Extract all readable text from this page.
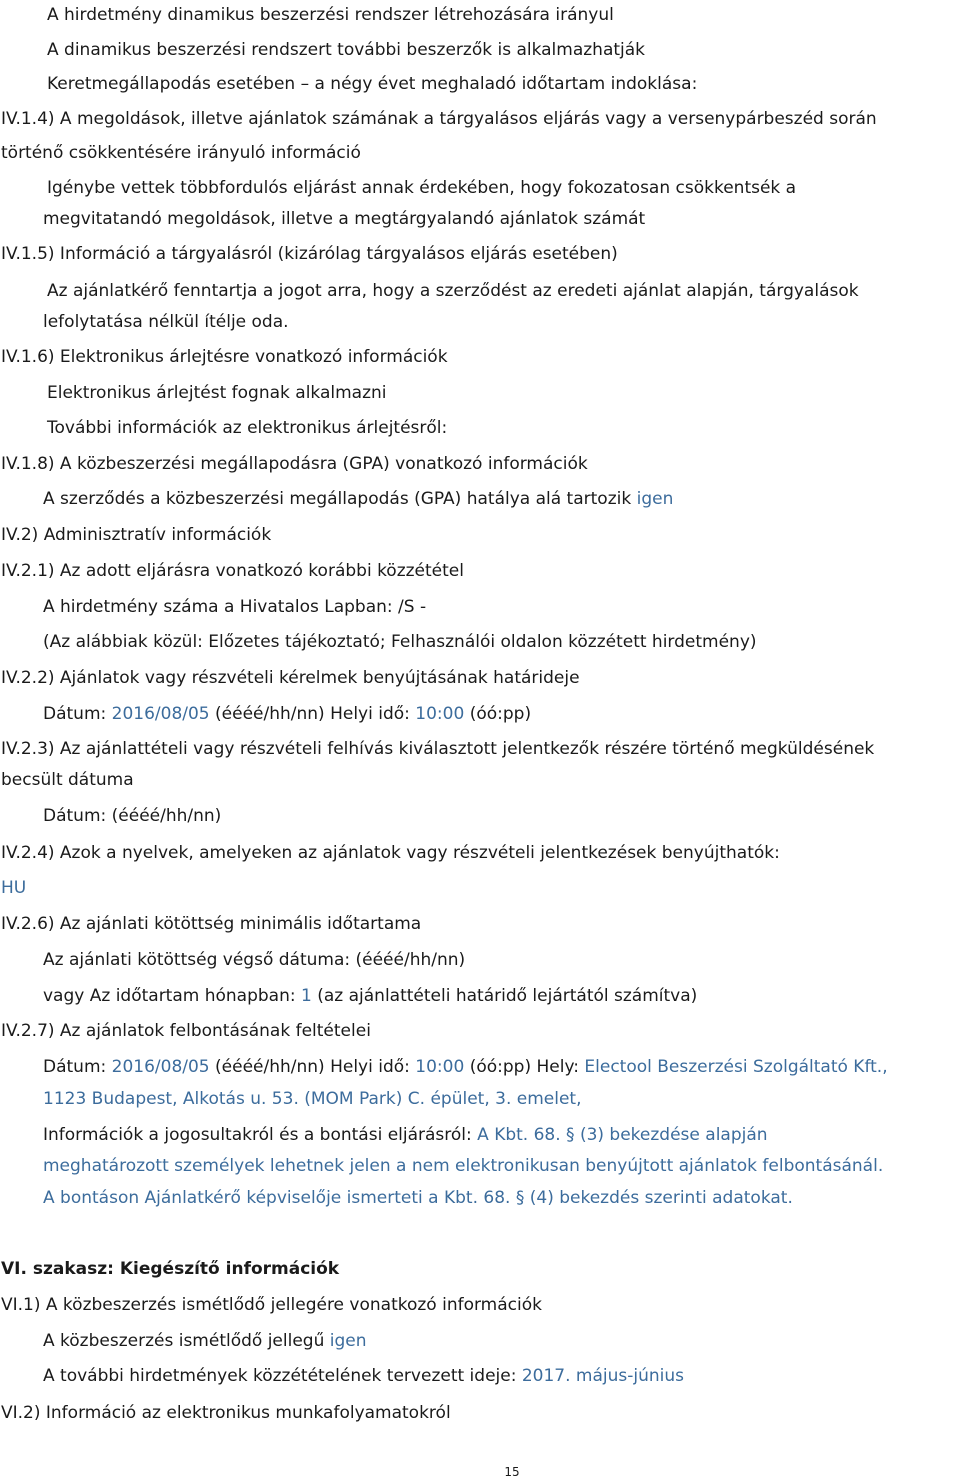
A hirdetmény dinamikus beszerzési rendszer létrehozására irányul
A dinamikus beszerzési rendszert további beszerzők is alkalmazhatják
Keretmegállapodás esetében – a négy évet meghaladó időtartam indoklása:
IV.1.4) A megoldások, illetve ajánlatok számának a tárgyalásos eljárás vagy a versenypárbeszéd során
történő csökkentésére irányuló információ
Igénybe vettek többfordulós eljárást annak érdekében, hogy fokozatosan csökkentsék a
megvitatandó megoldások, illetve a megtárgyalandó ajánlatok számát
IV.1.5) Információ a tárgyalásról (kizárólag tárgyalásos eljárás esetében)
Az ajánlatkérő fenntartja a jogot arra, hogy a szerződést az eredeti ajánlat alapján, tárgyalások
lefolytatása nélkül ítélje oda.
IV.1.6) Elektronikus árlejtésre vonatkozó információk
Elektronikus árlejtést fognak alkalmazni
További információk az elektronikus árlejtésről:
IV.1.8) A közbeszerzési megállapodásra (GPA) vonatkozó információk
A szerződés a közbeszerzési megállapodás (GPA) hatálya alá tartozik igen
IV.2) Adminisztratív információk
IV.2.1) Az adott eljárásra vonatkozó korábbi közzététel
A hirdetmény száma a Hivatalos Lapban: /S -
(Az alábbiak közül: Előzetes tájékoztató; Felhasználói oldalon közzétett hirdetmény)
IV.2.2) Ajánlatok vagy részvételi kérelmek benyújtásának határideje
Dátum: 2016/08/05 (éééé/hh/nn) Helyi idő: 10:00 (óó:pp)
IV.2.3) Az ajánlattételi vagy részvételi felhívás kiválasztott jelentkezők részére történő megküldésének
becsült dátuma
Dátum: (éééé/hh/nn)
IV.2.4) Azok a nyelvek, amelyeken az ajánlatok vagy részvételi jelentkezések benyújthatók:
HU
IV.2.6) Az ajánlati kötöttség minimális időtartama
Az ajánlati kötöttség végső dátuma: (éééé/hh/nn)
vagy Az időtartam hónapban: 1 (az ajánlattételi határidő lejártától számítva)
IV.2.7) Az ajánlatok felbontásának feltételei
Dátum: 2016/08/05 (éééé/hh/nn) Helyi idő: 10:00 (óó:pp) Hely: Electool Beszerzési Szolgáltató Kft.,
1123 Budapest, Alkotás u. 53. (MOM Park) C. épület, 3. emelet,
Információk a jogosultakról és a bontási eljárásról: A Kbt. 68. § (3) bekezdése alapján
meghatározott személyek lehetnek jelen a nem elektronikusan benyújtott ajánlatok felbontásánál.
A bontáson Ajánlatkérő képviselője ismerteti a Kbt. 68. § (4) bekezdés szerinti adatokat.
VI. szakasz: Kiegészítő információk
VI.1) A közbeszerzés ismétlődő jellegére vonatkozó információk
A közbeszerzés ismétlődő jellegű igen
A további hirdetmények közzétételének tervezett ideje: 2017. május-június
VI.2) Információ az elektronikus munkafolyamatokról
15
